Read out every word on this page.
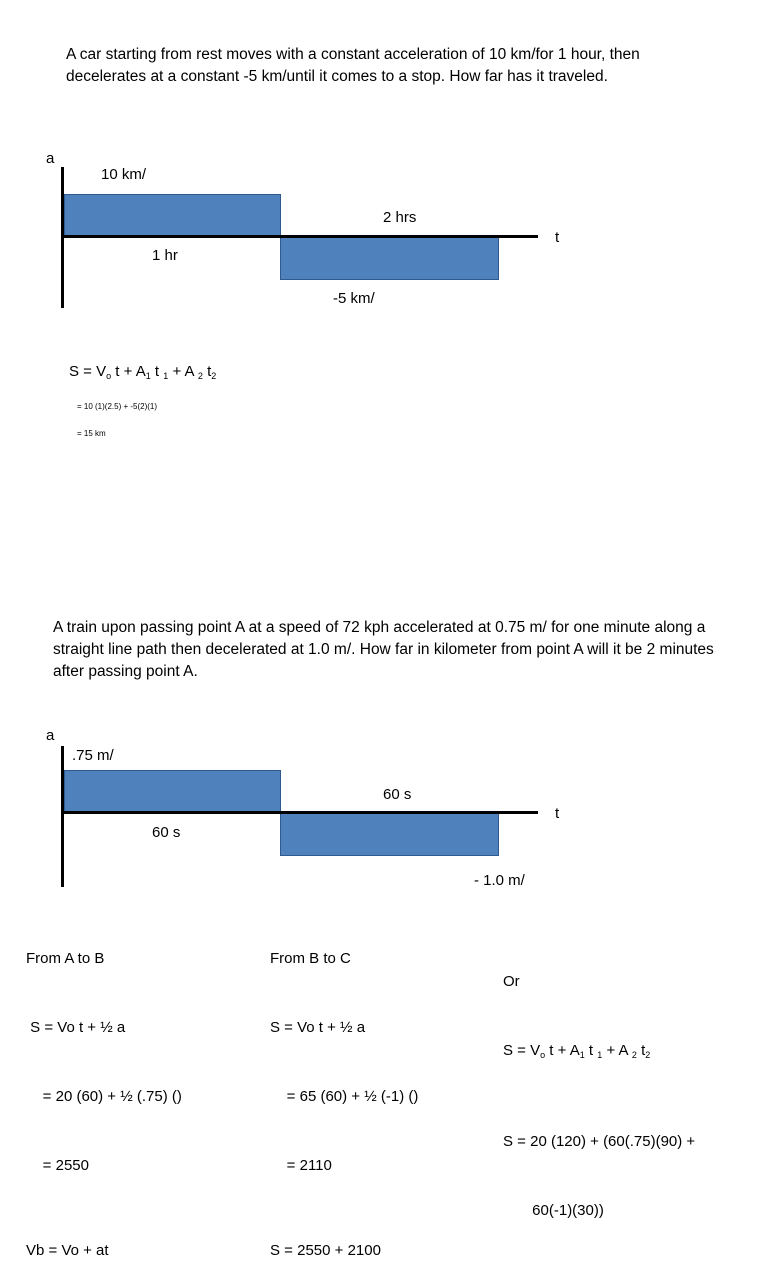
A car starting from rest moves with a constant acceleration of 10 km/for 1 hour, then decelerates at a constant -5 km/until it comes to a stop. How far has it traveled.
a
t
10 km/
2 hrs
1 hr
-5 km/
$S = V_o$ $t + A_1$ t $_1$ + A $_2$ $t_2$
= 10 (1)(2.5) + -5(2)(1)
= 15 km
A train upon passing point A at a speed of 72 kph accelerated at 0.75 m/ for one minute along a straight line path then decelerated at 1.0 m/. How far in kilometer from point A will it be 2 minutes after passing point A.
a
t
.75 m/
60 s
60 s
- 1.0 m/

From A to B

S = Vo t + ½ a

= 20 (60) + ½ (.75) ()

= 2550

Vb = Vo + at

From B to C

S = Vo t + ½ a

= 65 (60) + ½ (-1) ()

= 2110

S = 2550 + 2100

Or

$S = V_o$ $t + A_1$ t $_1$ + A $_2$ $t_2$

S = 20 (120) + (60(.75)(90) +

60(-1)(30))
